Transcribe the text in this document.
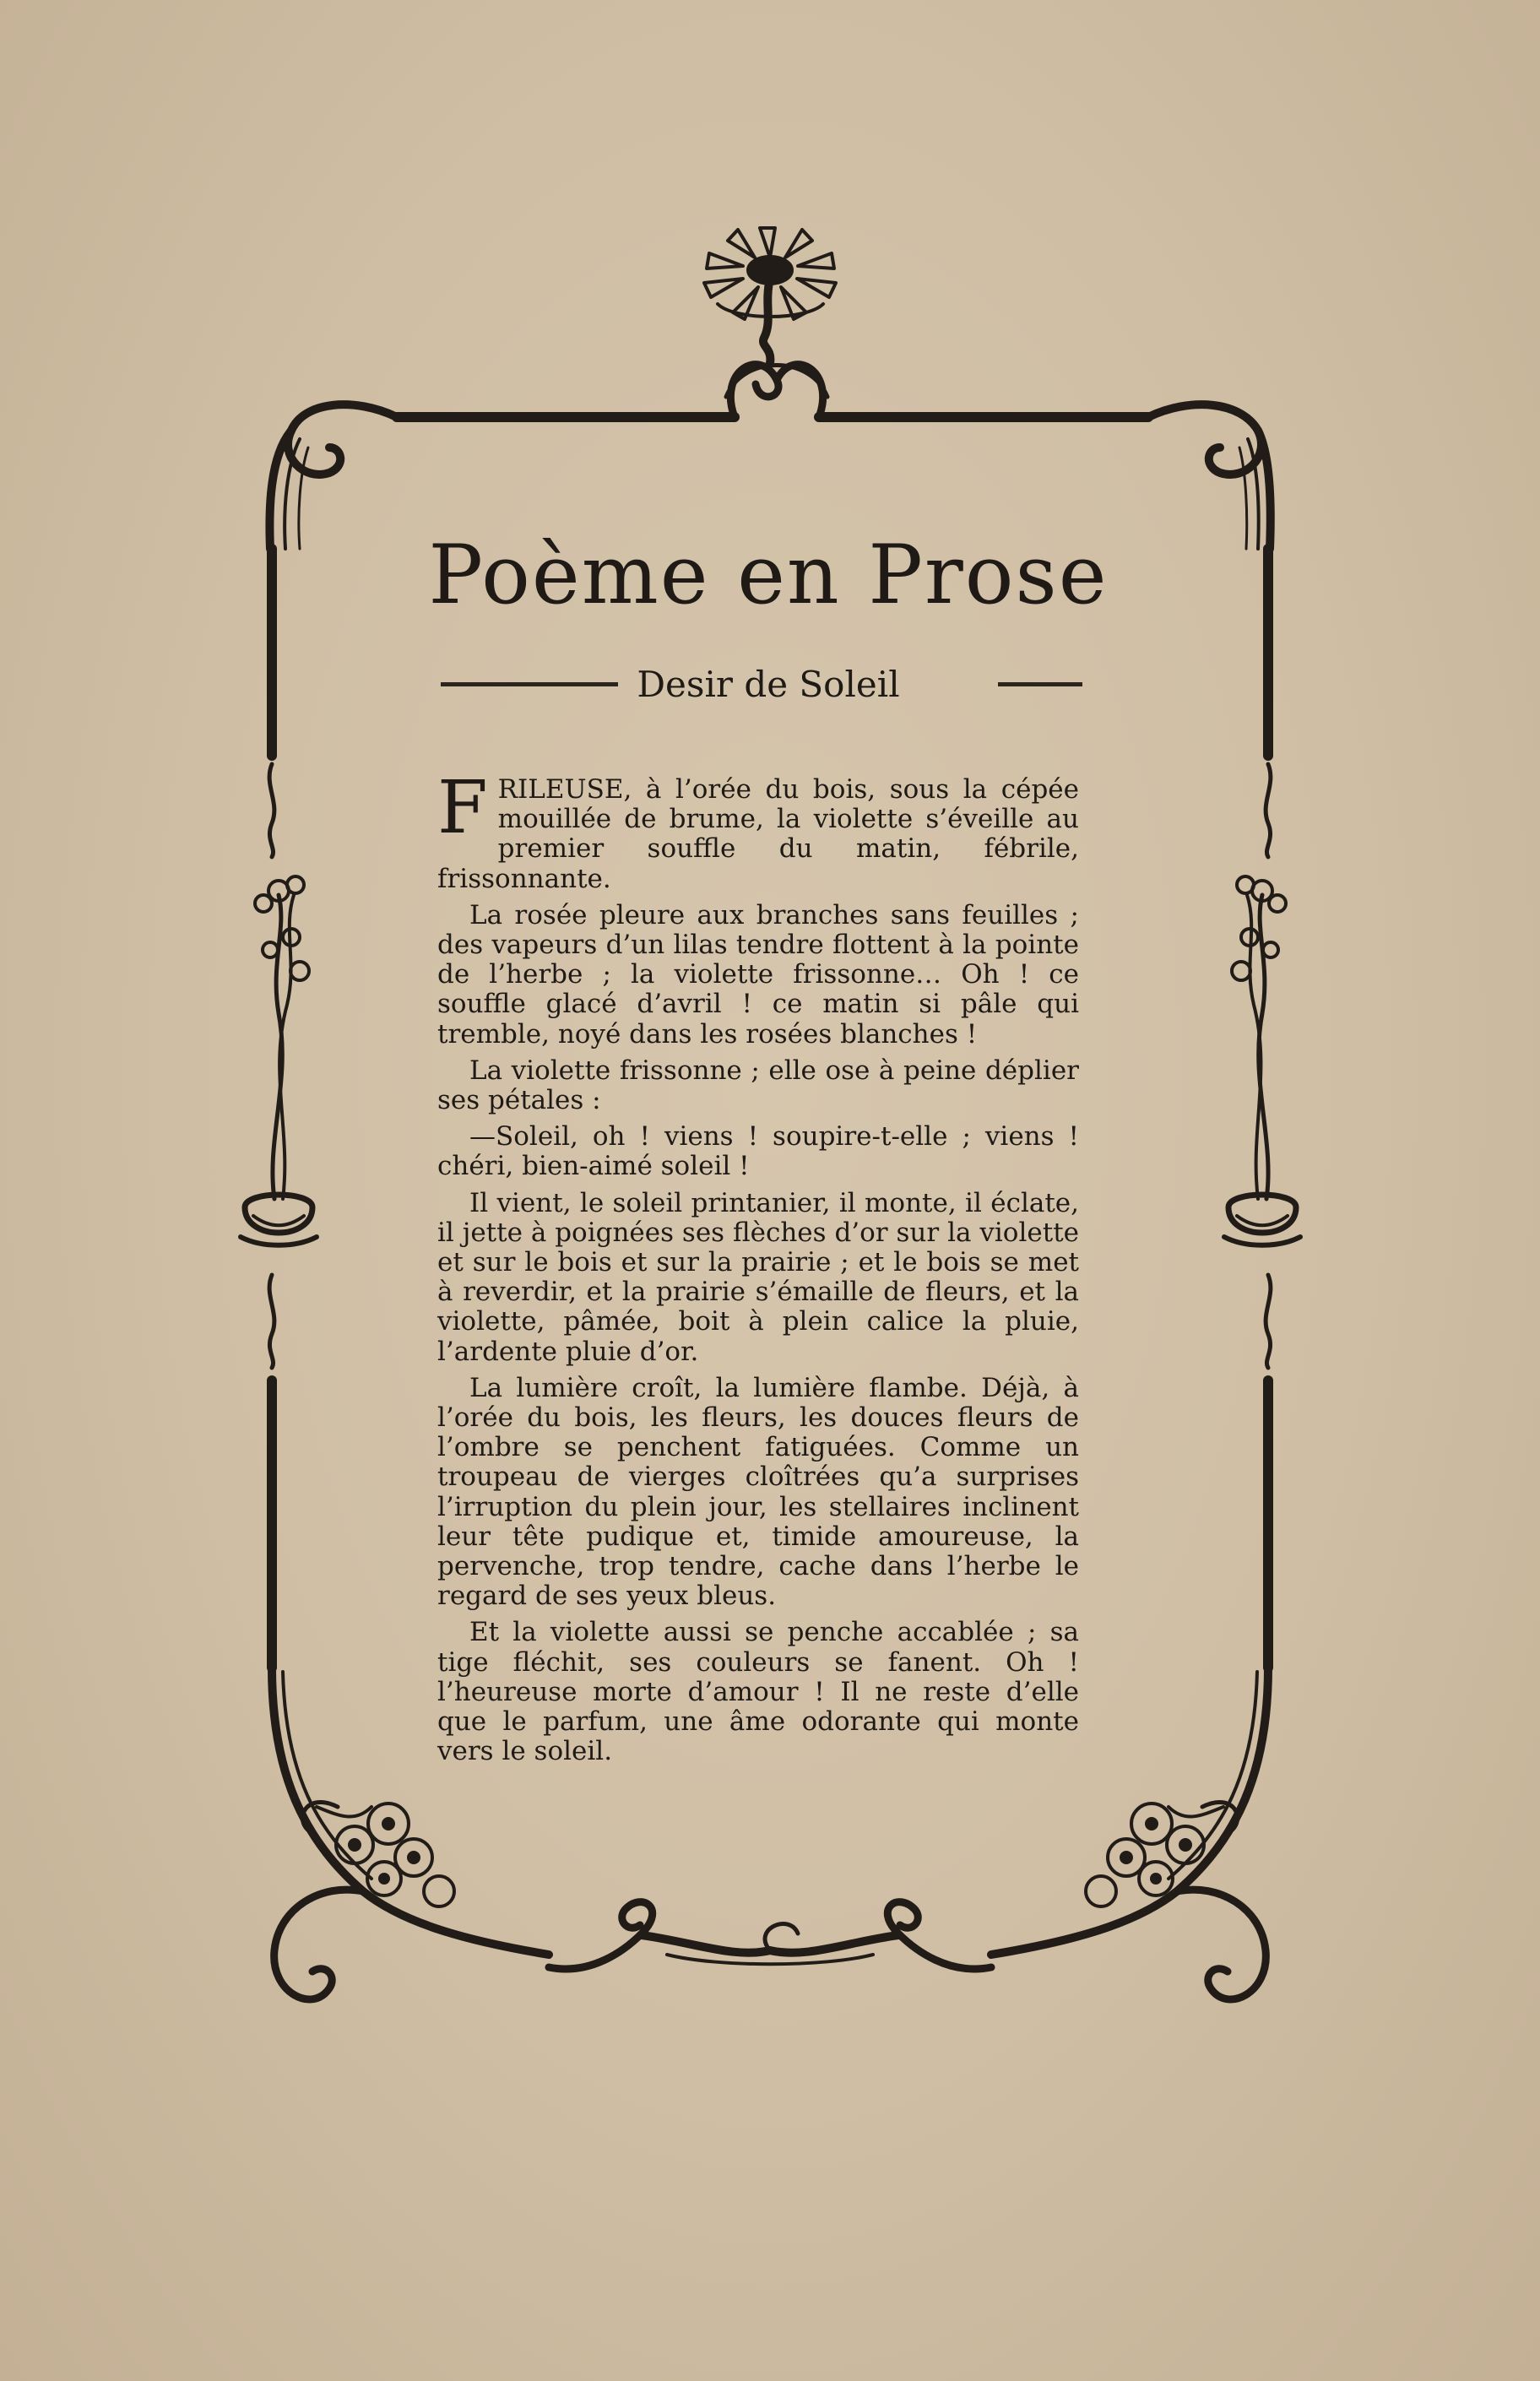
Poème en Prose
Desir de Soleil

FRILEUSE, à l’orée du bois, sous la cépée mouillée de brume, la violette s’éveille au premier souffle du matin, fébrile, frissonnante.

La rosée pleure aux branches sans feuilles ; des vapeurs d’un lilas tendre flottent à la pointe de l’herbe ; la violette frissonne… Oh ! ce souffle glacé d’avril ! ce matin si pâle qui tremble, noyé dans les rosées blanches !

La violette frissonne ; elle ose à peine déplier ses pétales :

—Soleil, oh ! viens ! soupire-t-elle ; viens ! chéri, bien-aimé soleil !

Il vient, le soleil printanier, il monte, il éclate, il jette à poignées ses flèches d’or sur la violette et sur le bois et sur la prairie ; et le bois se met à reverdir, et la prairie s’émaille de fleurs, et la violette, pâmée, boit à plein calice la pluie, l’ardente pluie d’or.

La lumière croît, la lumière flambe. Déjà, à l’orée du bois, les fleurs, les douces fleurs de l’ombre se penchent fatiguées. Comme un troupeau de vierges cloîtrées qu’a surprises l’irruption du plein jour, les stellaires inclinent leur tête pudique et, timide amoureuse, la pervenche, trop tendre, cache dans l’herbe le regard de ses yeux bleus.

Et la violette aussi se penche accablée ; sa tige fléchit, ses couleurs se fanent. Oh ! l’heureuse morte d’amour ! Il ne reste d’elle que le parfum, une âme odorante qui monte vers le soleil.
